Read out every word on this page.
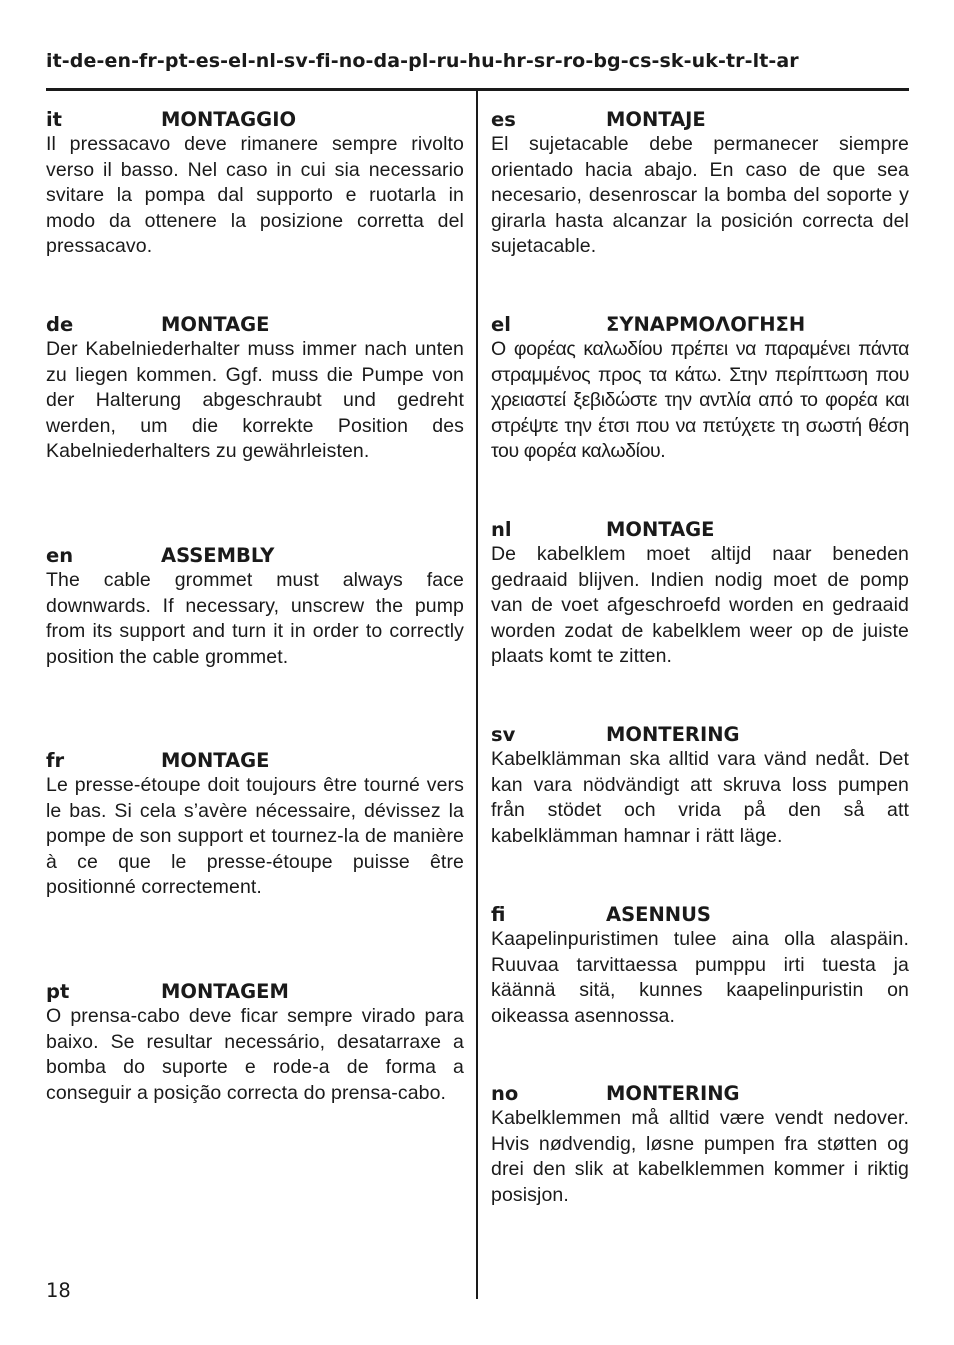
it-de-en-fr-pt-es-el-nl-sv-fi-no-da-pl-ru-hu-hr-sr-ro-bg-cs-sk-uk-tr-lt-ar
it	MONTAGGIO
Il pressacavo deve rimanere sempre rivolto verso il basso. Nel caso in cui sia necessario svitare la pompa dal supporto e ruotarla in modo da ottenere la posizione corretta del pressacavo.
de	MONTAGE
Der Kabelniederhalter muss immer nach unten zu liegen kommen. Ggf. muss die Pumpe von der Halterung abgeschraubt und gedreht werden, um die korrekte Position des Kabelniederhalters zu gewährleisten.
en	ASSEMBLY
The cable grommet must always face downwards. If necessary, unscrew the pump from its support and turn it in order to correctly position the cable grommet.
fr	MONTAGE
Le presse-étoupe doit toujours être tourné vers le bas. Si cela s’avère nécessaire, dévissez la pompe de son support et tournez-la de manière à ce que le presse-étoupe puisse être positionné correctement.
pt	MONTAGEM
O prensa-cabo deve ficar sempre virado para baixo. Se resultar necessário, desatarraxe a bomba do suporte e rode-a de forma a conseguir a posição correcta do prensa-cabo.
es	MONTAJE
El sujetacable debe permanecer siempre orientado hacia abajo. En caso de que sea necesario, desenroscar la bomba del soporte y girarla hasta alcanzar la posición correcta del sujetacable.
el	ΣΥΝΑΡΜΟΛΟΓΗΣΗ
Ο φορέας καλωδίου πρέπει να παραμένει πάντα στραμμένος προς τα κάτω. Στην περίπτωση που χρειαστεί ξεβιδώστε την αντλία από το φορέα και στρέψτε την έτσι που να πετύχετε τη σωστή θέση του φορέα καλωδίου.
nl	MONTAGE
De kabelklem moet altijd naar beneden gedraaid blijven. Indien nodig moet de pomp van de voet afgeschroefd worden en gedraaid worden zodat de kabelklem weer op de juiste plaats komt te zitten.
sv	MONTERING
Kabelklämman ska alltid vara vänd nedåt. Det kan vara nödvändigt att skruva loss pumpen från stödet och vrida på den så att kabelklämman hamnar i rätt läge.
fi	ASENNUS
Kaapelinpuristimen tulee aina olla alaspäin. Ruuvaa tarvittaessa pumppu irti tuesta ja käännä sitä, kunnes kaapelinpuristin on oikeassa asennossa.
no	MONTERING
Kabelklemmen må alltid være vendt nedover. Hvis nødvendig, løsne pumpen fra støtten og drei den slik at kabelklemmen kommer i riktig posisjon.
18
